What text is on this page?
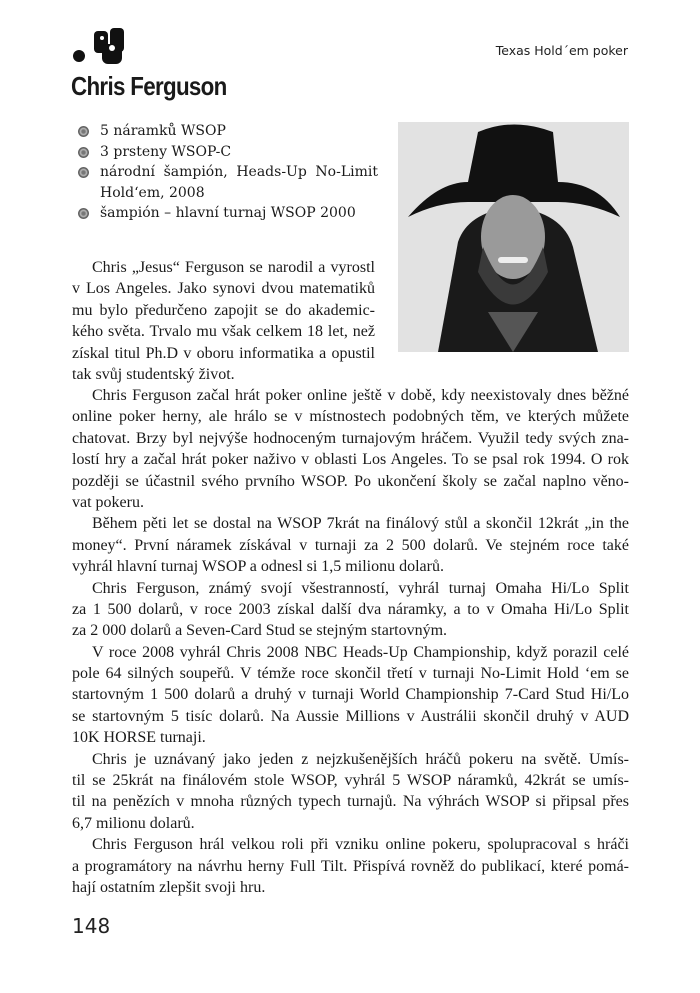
Texas Hold´em poker
Chris Ferguson
5 náramků WSOP
3 prsteny WSOP-C
národní šampión, Heads-Up No-Limit
Hold‘em, 2008
šampión – hlavní turnaj WSOP 2000
Chris „Jesus“ Ferguson se narodil a vyrostl
v Los Angeles. Jako synovi dvou matematiků
mu bylo předurčeno zapojit se do akademic-
kého světa. Trvalo mu však celkem 18 let, než
získal titul Ph.D v oboru informatika a opustil
tak svůj studentský život.
Chris Ferguson začal hrát poker online ještě v době, kdy neexistovaly dnes běžné
online poker herny, ale hrálo se v místnostech podobných těm, ve kterých můžete
chatovat. Brzy byl nejvýše hodnoceným turnajovým hráčem. Využil tedy svých zna-
lostí hry a začal hrát poker naživo v oblasti Los Angeles. To se psal rok 1994. O rok
později se účastnil svého prvního WSOP. Po ukončení školy se začal naplno věno-
vat pokeru.
Během pěti let se dostal na WSOP 7krát na finálový stůl a skončil 12krát „in the
money“. První náramek získával v turnaji za 2 500 dolarů. Ve stejném roce také
vyhrál hlavní turnaj WSOP a odnesl si 1,5 milionu dolarů.
Chris Ferguson, známý svojí všestranností, vyhrál turnaj Omaha Hi/Lo Split
za 1 500 dolarů, v roce 2003 získal další dva náramky, a to v Omaha Hi/Lo Split
za 2 000 dolarů a Seven-Card Stud se stejným startovným.
V roce 2008 vyhrál Chris 2008 NBC Heads-Up Championship, když porazil celé
pole 64 silných soupeřů. V témže roce skončil třetí v turnaji No-Limit Hold ‘em se
startovným 1 500 dolarů a druhý v turnaji World Championship 7-Card Stud Hi/Lo
se startovným 5 tisíc dolarů. Na Aussie Millions v Austrálii skončil druhý v AUD
10K HORSE turnaji.
Chris je uznávaný jako jeden z nejzkušenějších hráčů pokeru na světě. Umís-
til se 25krát na finálovém stole WSOP, vyhrál 5 WSOP náramků, 42krát se umís-
til na penězích v mnoha různých typech turnajů. Na výhrách WSOP si připsal přes
6,7 milionu dolarů.
Chris Ferguson hrál velkou roli při vzniku online pokeru, spolupracoval s hráči
a programátory na návrhu herny Full Tilt. Přispívá rovněž do publikací, které pomá-
hají ostatním zlepšit svoji hru.
148
